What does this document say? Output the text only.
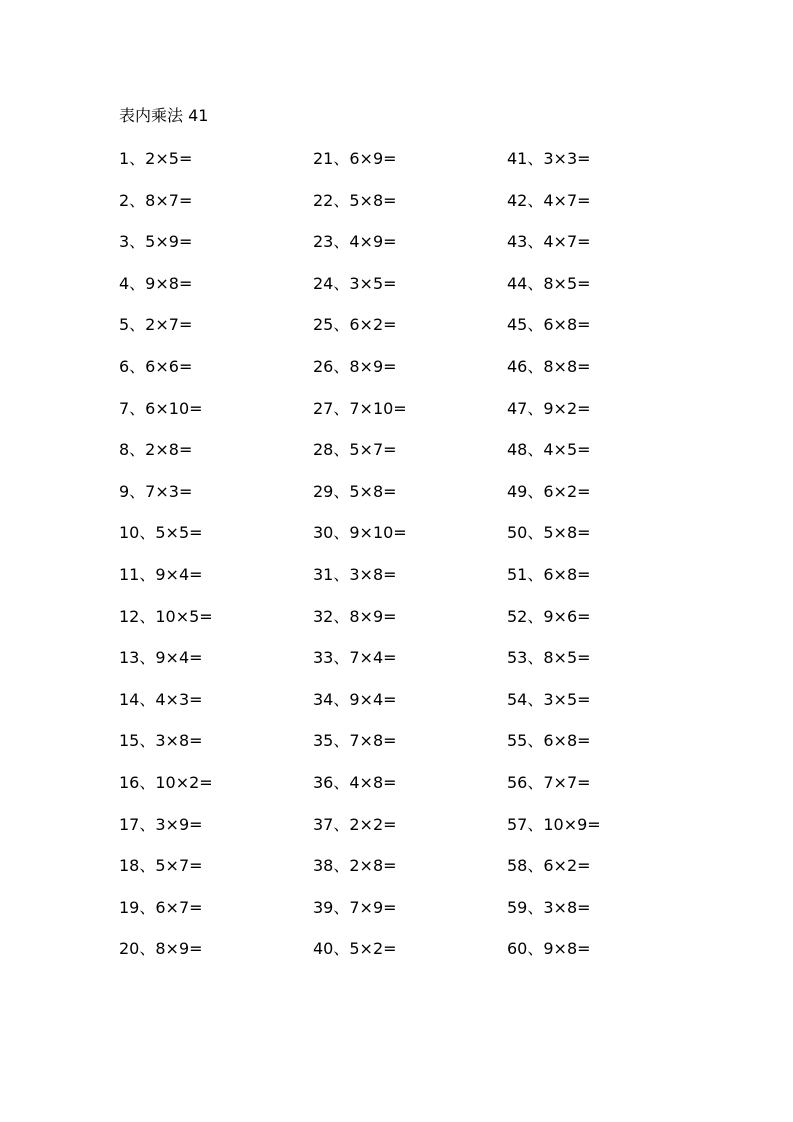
表内乘法 41
1、2×5=
2、8×7=
3、5×9=
4、9×8=
5、2×7=
6、6×6=
7、6×10=
8、2×8=
9、7×3=
10、5×5=
11、9×4=
12、10×5=
13、9×4=
14、4×3=
15、3×8=
16、10×2=
17、3×9=
18、5×7=
19、6×7=
20、8×9=
21、6×9=
22、5×8=
23、4×9=
24、3×5=
25、6×2=
26、8×9=
27、7×10=
28、5×7=
29、5×8=
30、9×10=
31、3×8=
32、8×9=
33、7×4=
34、9×4=
35、7×8=
36、4×8=
37、2×2=
38、2×8=
39、7×9=
40、5×2=
41、3×3=
42、4×7=
43、4×7=
44、8×5=
45、6×8=
46、8×8=
47、9×2=
48、4×5=
49、6×2=
50、5×8=
51、6×8=
52、9×6=
53、8×5=
54、3×5=
55、6×8=
56、7×7=
57、10×9=
58、6×2=
59、3×8=
60、9×8=
